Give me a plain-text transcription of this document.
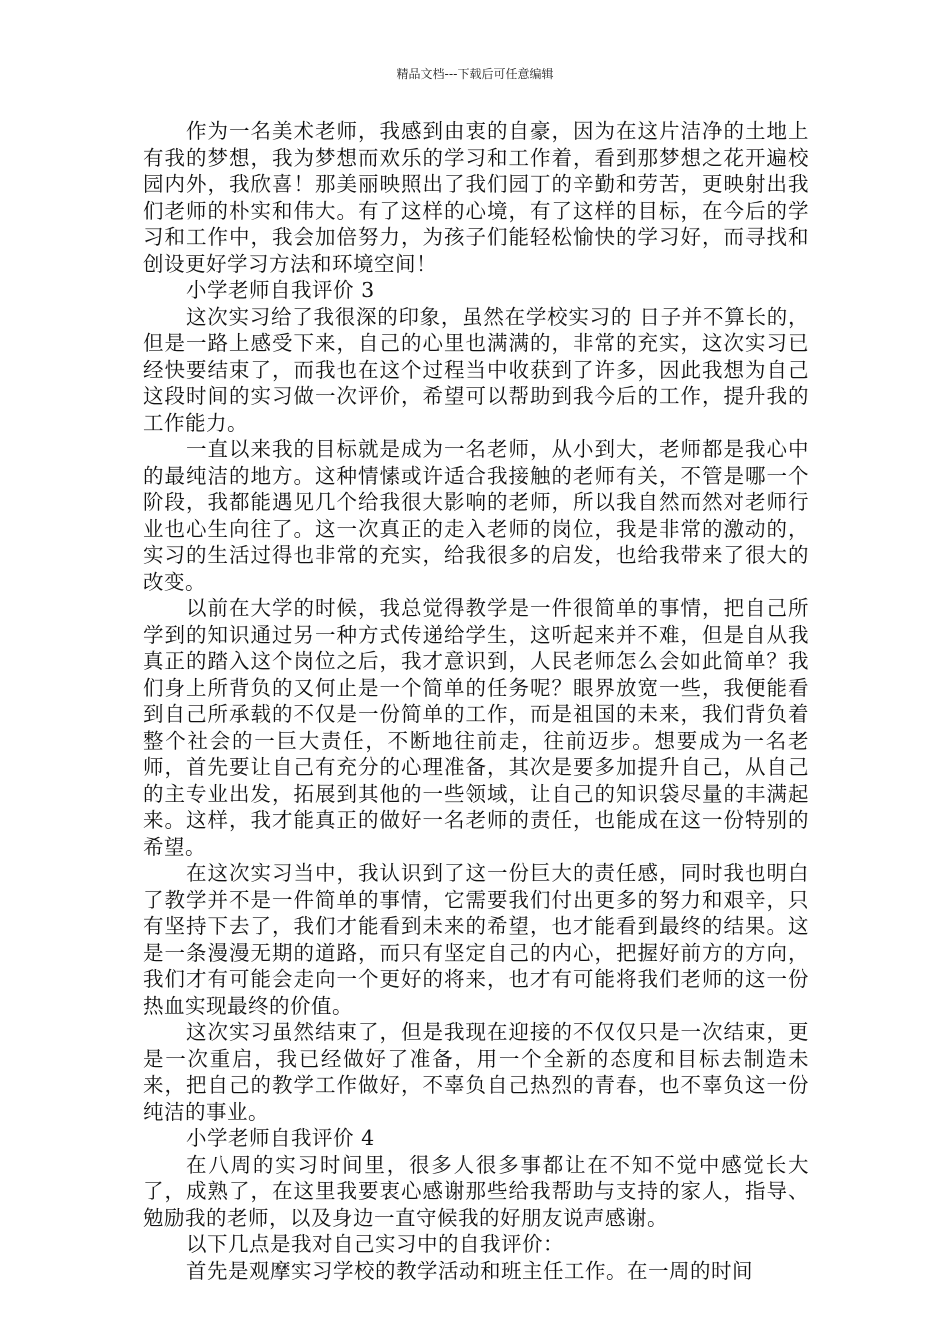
精品文档---下载后可任意编辑

作为一名美术老师，我感到由衷的自豪，因为在这片洁净的土地上有我的梦想，我为梦想而欢乐的学习和工作着，看到那梦想之花开遍校园内外，我欣喜！那美丽映照出了我们园丁的辛勤和劳苦，更映射出我们老师的朴实和伟大。有了这样的心境，有了这样的目标，在今后的学习和工作中，我会加倍努力，为孩子们能轻松愉快的学习好，而寻找和创设更好学习方法和环境空间！

小学老师自我评价 3

这次实习给了我很深的印象，虽然在学校实习的 日子并不算长的，但是一路上感受下来，自己的心里也满满的，非常的充实，这次实习已经快要结束了，而我也在这个过程当中收获到了许多，因此我想为自己这段时间的实习做一次评价，希望可以帮助到我今后的工作，提升我的工作能力。

一直以来我的目标就是成为一名老师，从小到大，老师都是我心中的最纯洁的地方。这种情愫或许适合我接触的老师有关，不管是哪一个阶段，我都能遇见几个给我很大影响的老师，所以我自然而然对老师行业也心生向往了。这一次真正的走入老师的岗位，我是非常的激动的，实习的生活过得也非常的充实，给我很多的启发，也给我带来了很大的改变。

以前在大学的时候，我总觉得教学是一件很简单的事情，把自己所学到的知识通过另一种方式传递给学生，这听起来并不难，但是自从我真正的踏入这个岗位之后，我才意识到，人民老师怎么会如此简单？我们身上所背负的又何止是一个简单的任务呢？眼界放宽一些，我便能看到自己所承载的不仅是一份简单的工作，而是祖国的未来，我们背负着整个社会的一巨大责任，不断地往前走，往前迈步。想要成为一名老师，首先要让自己有充分的心理准备，其次是要多加提升自己，从自己的主专业出发，拓展到其他的一些领域，让自己的知识袋尽量的丰满起来。这样，我才能真正的做好一名老师的责任，也能成在这一份特别的希望。

在这次实习当中，我认识到了这一份巨大的责任感，同时我也明白了教学并不是一件简单的事情，它需要我们付出更多的努力和艰辛，只有坚持下去了，我们才能看到未来的希望，也才能看到最终的结果。这是一条漫漫无期的道路，而只有坚定自己的内心，把握好前方的方向，我们才有可能会走向一个更好的将来，也才有可能将我们老师的这一份热血实现最终的价值。

这次实习虽然结束了，但是我现在迎接的不仅仅只是一次结束，更是一次重启，我已经做好了准备，用一个全新的态度和目标去制造未来，把自己的教学工作做好，不辜负自己热烈的青春，也不辜负这一份纯洁的事业。

小学老师自我评价 4

在八周的实习时间里，很多人很多事都让在不知不觉中感觉长大了，成熟了，在这里我要衷心感谢那些给我帮助与支持的家人，指导、勉励我的老师，以及身边一直守候我的好朋友说声感谢。

以下几点是我对自己实习中的自我评价：

首先是观摩实习学校的教学活动和班主任工作。在一周的时间
